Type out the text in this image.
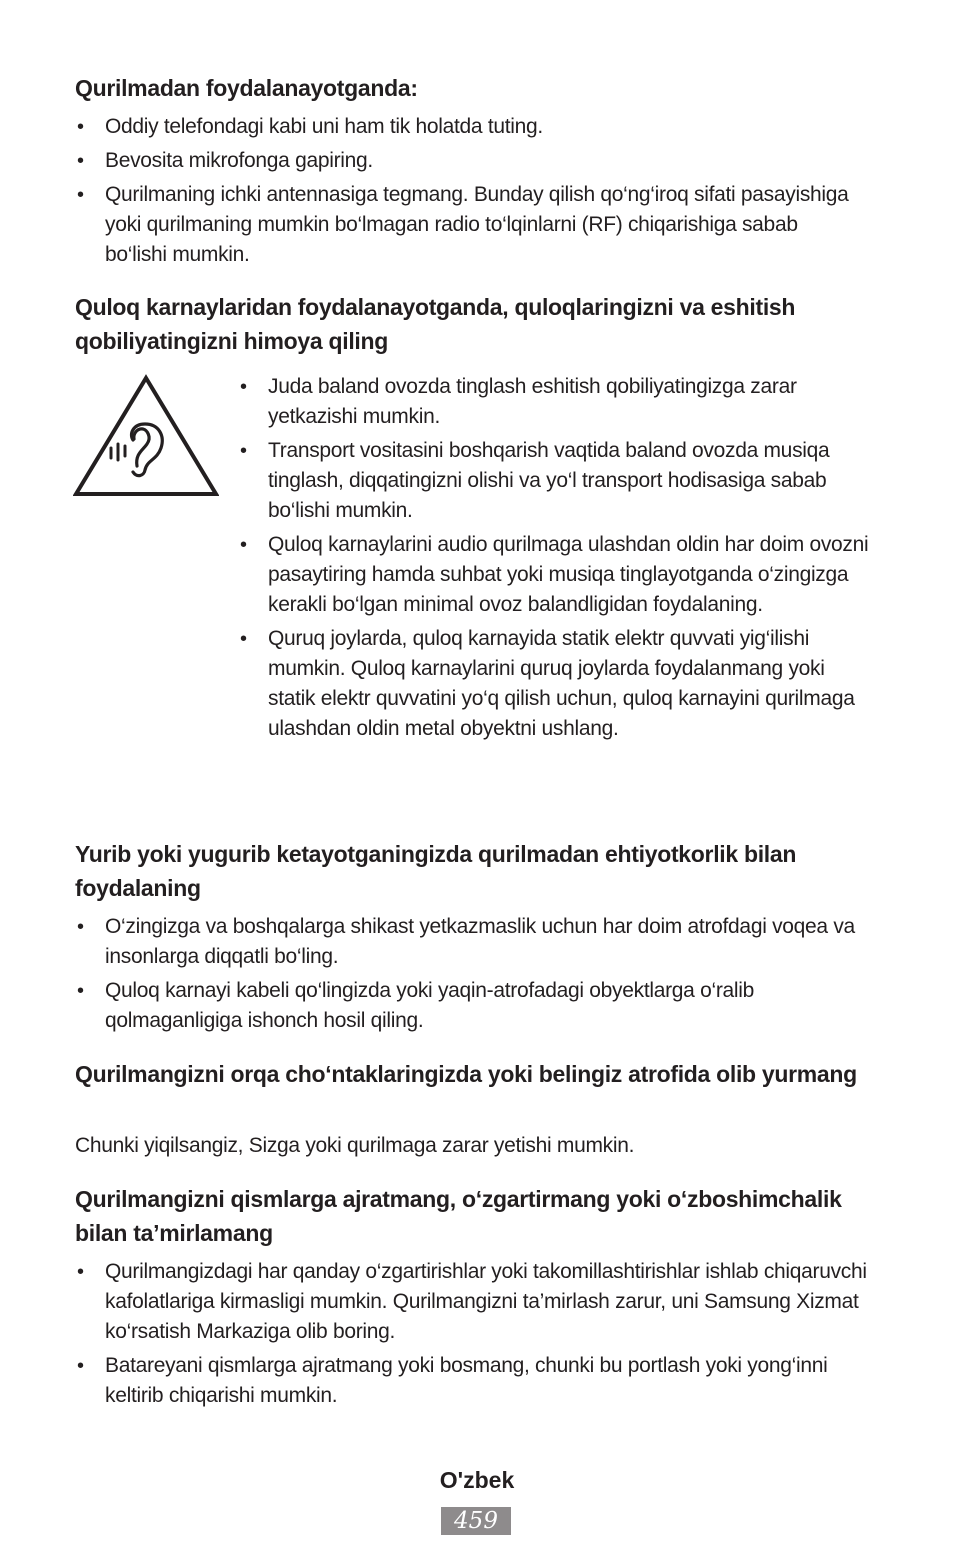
Qurilmadan foydalanayotganda:
• Oddiy telefondagi kabi uni ham tik holatda tuting.
• Bevosita mikrofonga gapiring.
• Qurilmaning ichki antennasiga tegmang. Bunday qilish qo‘ng‘iroq sifati pasayishiga yoki qurilmaning mumkin bo‘lmagan radio to‘lqinlarni (RF) chiqarishiga sabab bo‘lishi mumkin.
Quloq karnaylaridan foydalanayotganda, quloqlaringizni va eshitish qobiliyatingizni himoya qiling
• Juda baland ovozda tinglash eshitish qobiliyatingizga zarar yetkazishi mumkin.
• Transport vositasini boshqarish vaqtida baland ovozda musiqa tinglash, diqqatingizni olishi va yo‘l transport hodisasiga sabab bo‘lishi mumkin.
• Quloq karnaylarini audio qurilmaga ulashdan oldin har doim ovozni pasaytiring hamda suhbat yoki musiqa tinglayotganda o‘zingizga kerakli bo‘lgan minimal ovoz balandligidan foydalaning.
• Quruq joylarda, quloq karnayida statik elektr quvvati yig‘ilishi mumkin. Quloq karnaylarini quruq joylarda foydalanmang yoki statik elektr quvvatini yo‘q qilish uchun, quloq karnayini qurilmaga ulashdan oldin metal obyektni ushlang.
Yurib yoki yugurib ketayotganingizda qurilmadan ehtiyotkorlik bilan foydalaning
• O‘zingizga va boshqalarga shikast yetkazmaslik uchun har doim atrofdagi voqea va insonlarga diqqatli bo‘ling.
• Quloq karnayi kabeli qo‘lingizda yoki yaqin-atrofadagi obyektlarga o‘ralib qolmaganligiga ishonch hosil qiling.
Qurilmangizni orqa cho‘ntaklaringizda yoki belingiz atrofida olib yurmang

Chunki yiqilsangiz, Sizga yoki qurilmaga zarar yetishi mumkin.

Qurilmangizni qismlarga ajratmang, o‘zgartirmang yoki o‘zboshimchalik bilan ta’mirlamang
• Qurilmangizdagi har qanday o‘zgartirishlar yoki takomillashtirishlar ishlab chiqaruvchi kafolatlariga kirmasligi mumkin. Qurilmangizni ta’mirlash zarur, uni Samsung Xizmat ko‘rsatish Markaziga olib boring.
• Batareyani qismlarga ajratmang yoki bosmang, chunki bu portlash yoki yong‘inni keltirib chiqarishi mumkin.
O'zbek
459
